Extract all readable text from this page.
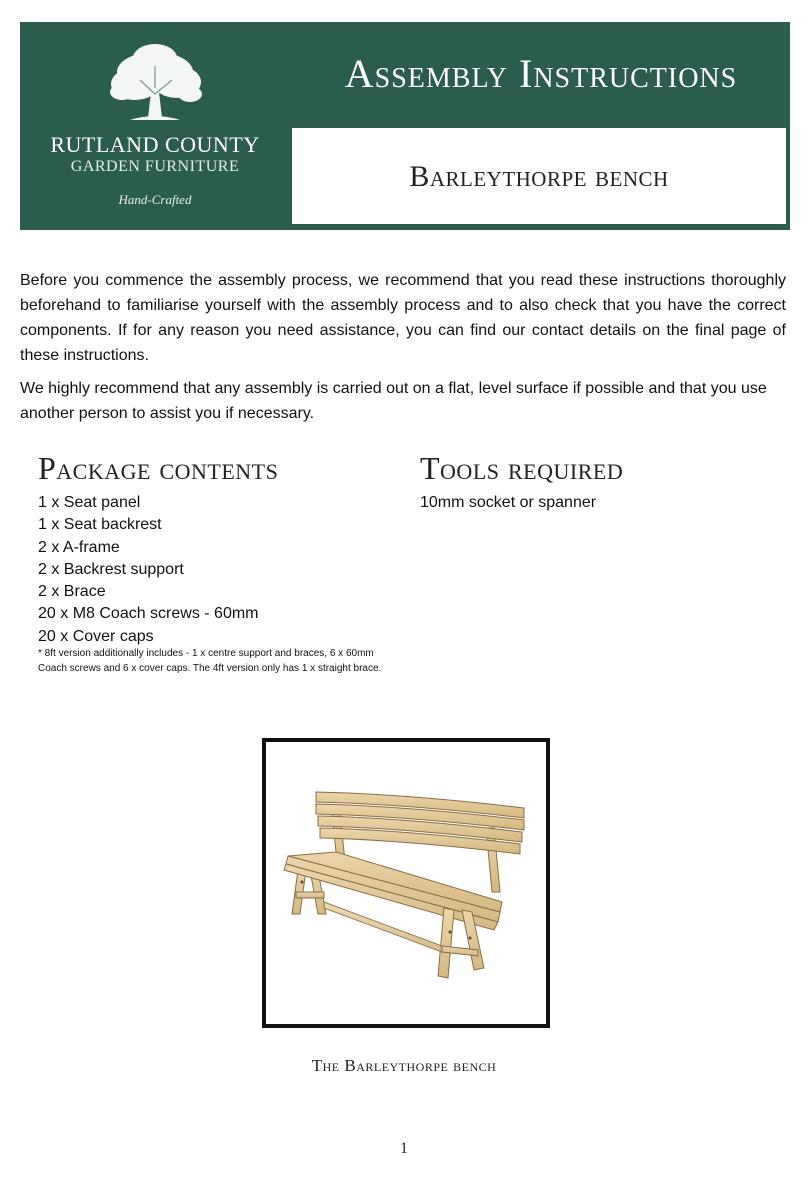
RUTLAND COUNTY
GARDEN FURNITURE
Hand-Crafted
Assembly Instructions
Barleythorpe bench

Before you commence the assembly process, we recommend that you read these instructions thoroughly beforehand to familiarise yourself with the assembly process and to also check that you have the correct components. If for any reason you need assistance, you can find our contact details on the final page of these instructions.

We highly recommend that any assembly is carried out on a flat, level surface if possible and that you use another person to assist you if necessary.

Package contents	Tools required
1 x Seat panel
1 x Seat backrest
2 x A-frame
2 x Backrest support
2 x Brace
20 x M8 Coach screws - 60mm
20 x Cover caps
* 8ft version additionally includes - 1 x centre support and braces, 6 x 60mm Coach screws and 6 x cover caps. The 4ft version only has 1 x straight brace.
10mm socket or spanner
The Barleythorpe bench
1
